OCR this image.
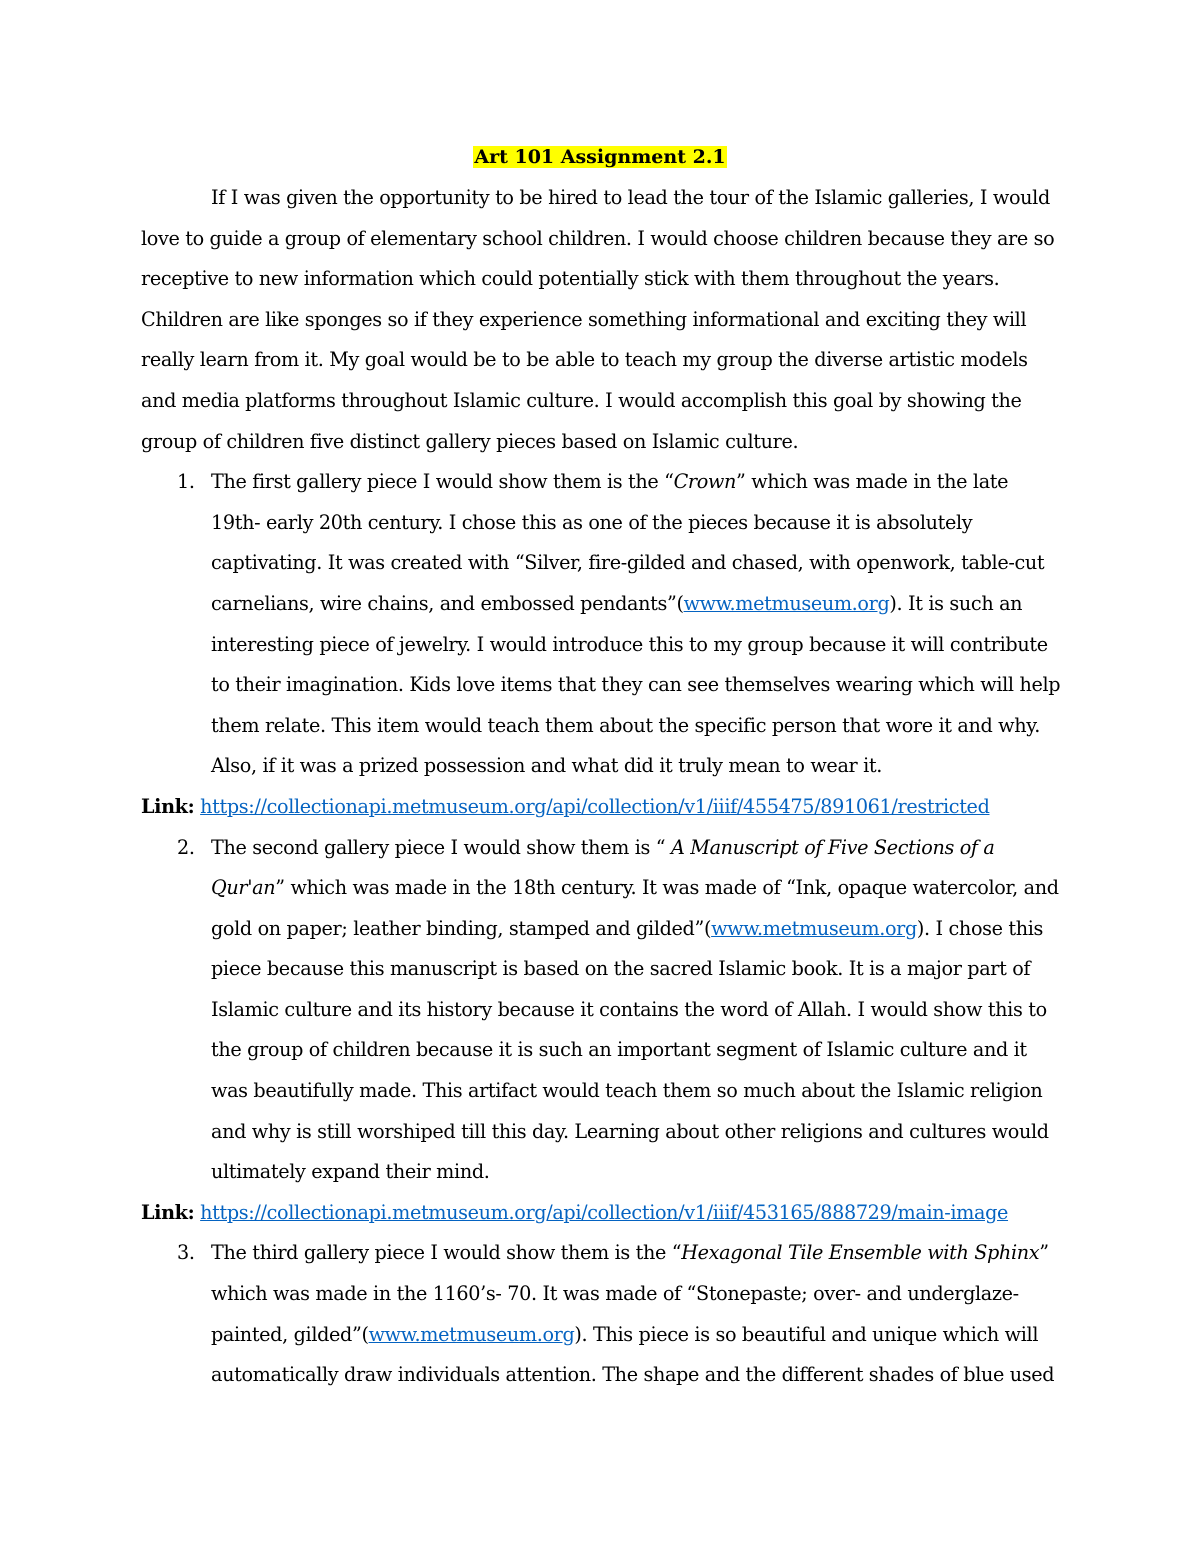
Art 101 Assignment 2.1

If I was given the opportunity to be hired to lead the tour of the Islamic galleries, I would love to guide a group of elementary school children. I would choose children because they are so receptive to new information which could potentially stick with them throughout the years. Children are like sponges so if they experience something informational and exciting they will really learn from it. My goal would be to be able to teach my group the diverse artistic models and media platforms throughout Islamic culture. I would accomplish this goal by showing the group of children five distinct gallery pieces based on Islamic culture.

1. The first gallery piece I would show them is the “Crown” which was made in the late 19th- early 20th century. I chose this as one of the pieces because it is absolutely captivating. It was created with “Silver, fire-gilded and chased, with openwork, table-cut carnelians, wire chains, and embossed pendants”(www.metmuseum.org). It is such an interesting piece of jewelry. I would introduce this to my group because it will contribute to their imagination. Kids love items that they can see themselves wearing which will help them relate. This item would teach them about the specific person that wore it and why. Also, if it was a prized possession and what did it truly mean to wear it.

Link: https://collectionapi.metmuseum.org/api/collection/v1/iiif/455475/891061/restricted

2. The second gallery piece I would show them is “ A Manuscript of Five Sections of a Qur'an” which was made in the 18th century. It was made of “Ink, opaque watercolor, and gold on paper; leather binding, stamped and gilded”(www.metmuseum.org). I chose this piece because this manuscript is based on the sacred Islamic book. It is a major part of Islamic culture and its history because it contains the word of Allah. I would show this to the group of children because it is such an important segment of Islamic culture and it was beautifully made. This artifact would teach them so much about the Islamic religion and why is still worshiped till this day. Learning about other religions and cultures would ultimately expand their mind.

Link: https://collectionapi.metmuseum.org/api/collection/v1/iiif/453165/888729/main-image

3. The third gallery piece I would show them is the “Hexagonal Tile Ensemble with Sphinx” which was made in the 1160’s- 70. It was made of “Stonepaste; over- and underglaze-painted, gilded”(www.metmuseum.org). This piece is so beautiful and unique which will automatically draw individuals attention. The shape and the different shades of blue used
